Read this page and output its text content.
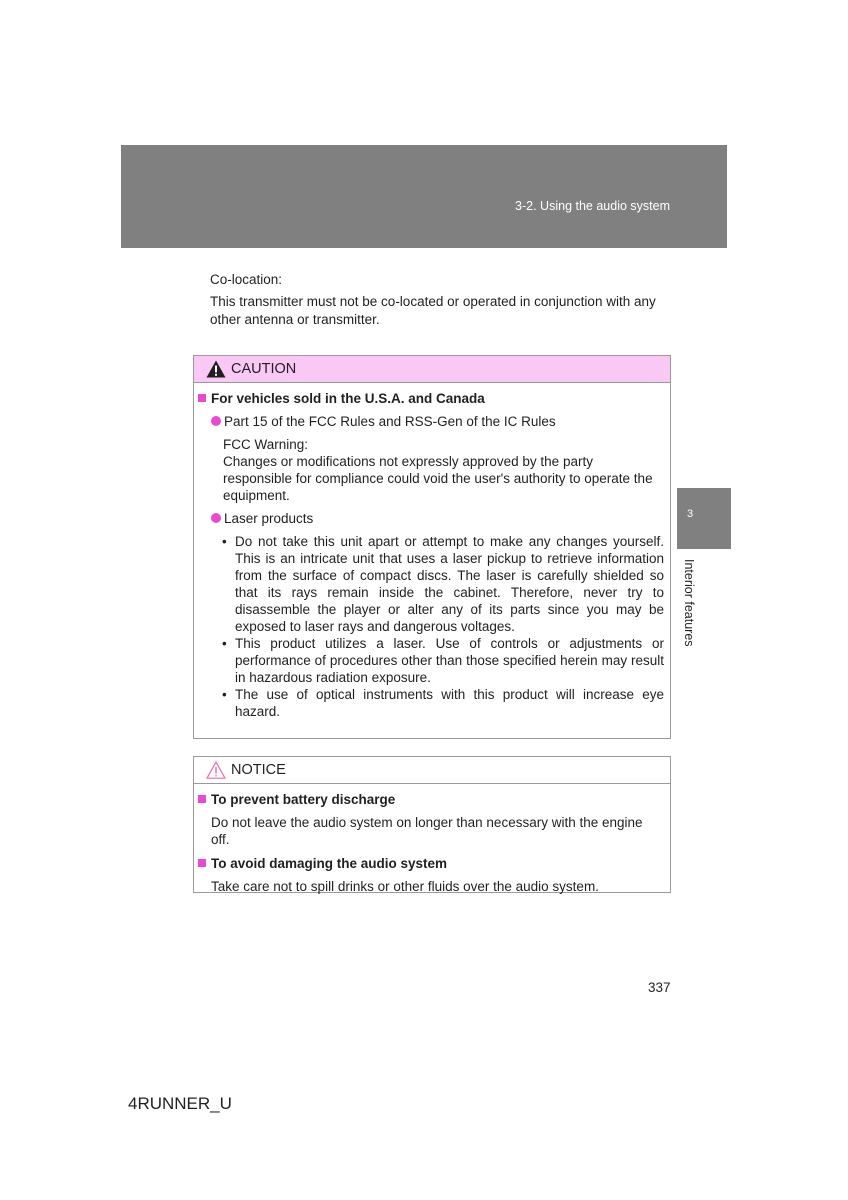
3-2. Using the audio system
3
Interior features

Co-location:

This transmitter must not be co-located or operated in conjunction with any other antenna or transmitter.

CAUTION
For vehicles sold in the U.S.A. and Canada
Part 15 of the FCC Rules and RSS-Gen of the IC Rules

FCC Warning:

Changes or modifications not expressly approved by the party responsible for compliance could void the user's authority to operate the equipment.

Laser products
• Do not take this unit apart or attempt to make any changes yourself. This is an intricate unit that uses a laser pickup to retrieve information from the surface of compact discs. The laser is carefully shielded so that its rays remain inside the cabinet. Therefore, never try to disassemble the player or alter any of its parts since you may be exposed to laser rays and dangerous voltages.
• This product utilizes a laser. Use of controls or adjustments or performance of procedures other than those specified herein may result in hazardous radiation exposure.
• The use of optical instruments with this product will increase eye hazard.
NOTICE
To prevent battery discharge

Do not leave the audio system on longer than necessary with the engine off.

To avoid damaging the audio system

Take care not to spill drinks or other fluids over the audio system.

337
4RUNNER_U
